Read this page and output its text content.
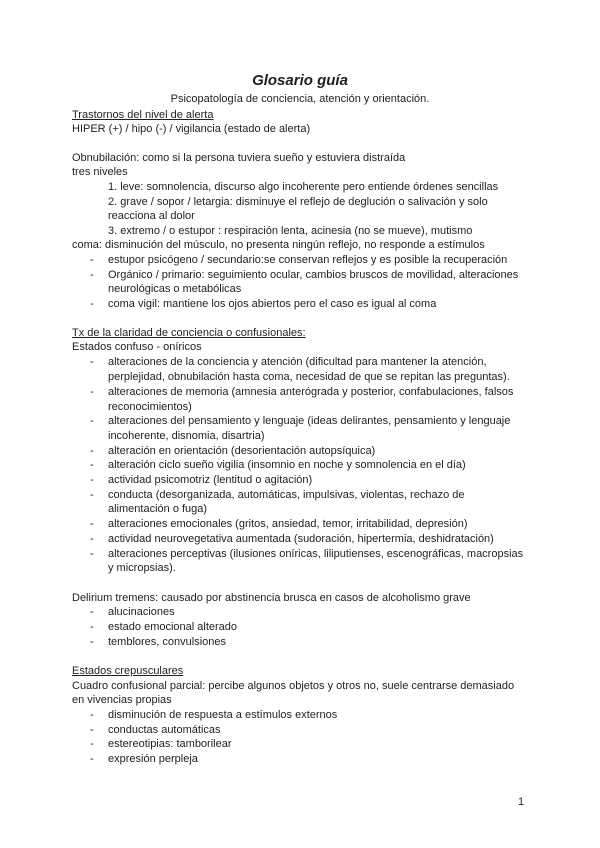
Glosario guía
Psicopatología de conciencia, atención y orientación.
Trastornos del nivel de alerta
HIPER (+) / hipo (-) / vigilancia (estado de alerta)
Obnubilación: como si la persona tuviera sueño y estuviera distraída
tres niveles
1. leve: somnolencia, discurso algo incoherente pero entiende órdenes sencillas
2. grave / sopor / letargia: disminuye el reflejo de deglución o salivación y solo
reacciona al dolor
3. extremo / o estupor : respiración lenta, acinesia (no se mueve), mutismo
coma: disminución del músculo, no presenta ningún reflejo, no responde a estímulos
- estupor psicógeno / secundario:se conservan reflejos y es posible la recuperación
- Orgánico / primario: seguimiento ocular, cambios bruscos de movilidad, alteraciones
neurológicas o metabólicas
- coma vigil: mantiene los ojos abiertos pero el caso es igual al coma
Tx de la claridad de conciencia o confusionales:
Estados confuso - oníricos
- alteraciones de la conciencia y atención (dificultad para mantener la atención,
perplejidad, obnubilación hasta coma, necesidad de que se repitan las preguntas).
- alteraciones de memoria (amnesia anterógrada y posterior, confabulaciones, falsos
reconocimientos)
- alteraciones del pensamiento y lenguaje (ideas delirantes, pensamiento y lenguaje
incoherente, disnomia, disartria)
- alteración en orientación (desorientación autopsíquica)
- alteración ciclo sueño vigilia (insomnio en noche y somnolencia en el día)
- actividad psicomotriz (lentitud o agitación)
- conducta (desorganizada, automáticas, impulsivas, violentas, rechazo de
alimentación o fuga)
- alteraciones emocionales (gritos, ansiedad, temor, irritabilidad, depresión)
- actividad neurovegetativa aumentada (sudoración, hipertermia, deshidratación)
- alteraciones perceptivas (ilusiones oníricas, liliputienses, escenográficas, macropsias
y micropsias).
Delirium tremens: causado por abstinencia brusca en casos de alcoholismo grave
- alucinaciones
- estado emocional alterado
- temblores, convulsiones
Estados crepusculares
Cuadro confusional parcial: percibe algunos objetos y otros no, suele centrarse demasiado
en vivencias propias
- disminución de respuesta a estímulos externos
- conductas automáticas
- estereotipias: tamborilear
- expresión perpleja
1
